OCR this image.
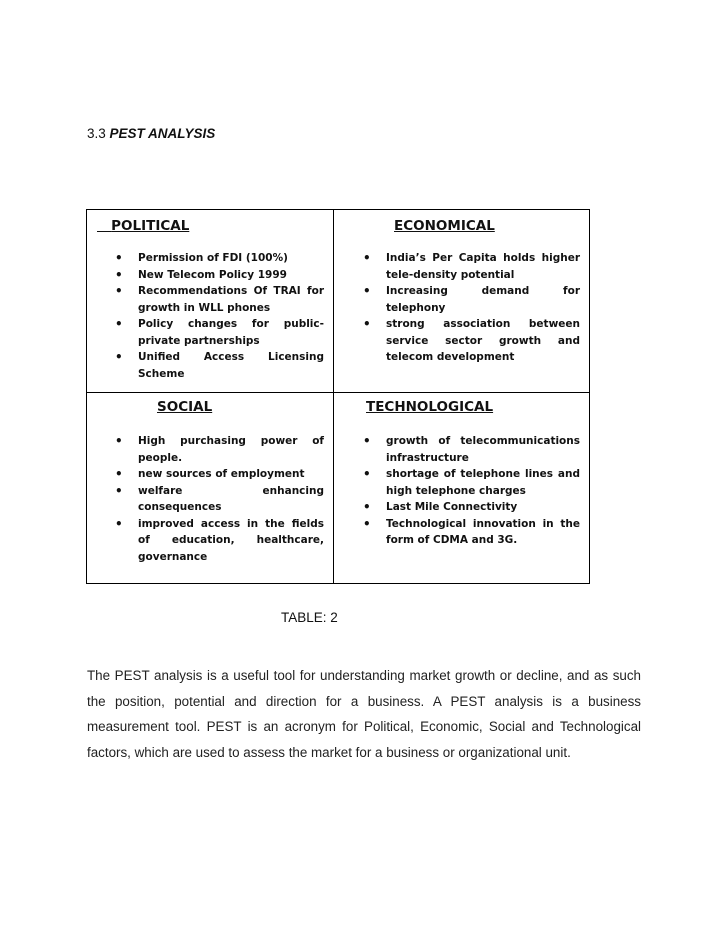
3.3 PEST ANALYSIS
POLITICAL
• Permission of FDI (100%)
• New Telecom Policy 1999
• Recommendations Of TRAI for growth in WLL phones
• Policy changes for public-private partnerships
• Unified Access Licensing Scheme
ECONOMICAL
• India’s Per Capita holds higher tele-density potential
• Increasing demand for telephony
• strong association between service sector growth and telecom development
SOCIAL
• High purchasing power of people.
• new sources of employment
• welfare enhancing consequences
• improved access in the fields of education, healthcare, governance
TECHNOLOGICAL
• growth of telecommunications infrastructure
• shortage of telephone lines and high telephone charges
• Last Mile Connectivity
• Technological innovation in the form of CDMA and 3G.
TABLE: 2

The PEST analysis is a useful tool for understanding market growth or decline, and as such the position, potential and direction for a business. A PEST analysis is a business measurement tool. PEST is an acronym for Political, Economic, Social and Technological factors, which are used to assess the market for a business or organizational unit.
